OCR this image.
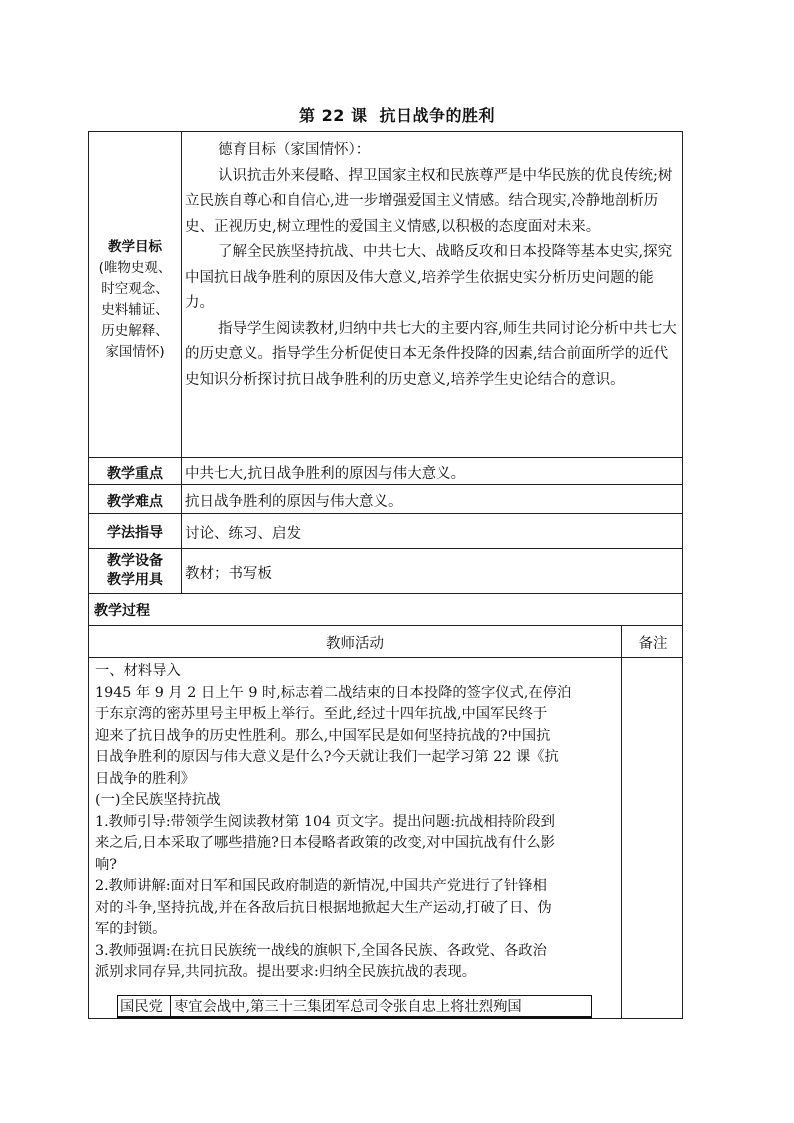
第 22 课 抗日战争的胜利
教学目标
(唯物史观、
时空观念、
史料辅证、
历史解释、
家国情怀)

德育目标（家国情怀）：

认识抗击外来侵略、捍卫国家主权和民族尊严是中华民族的优良传统;树立民族自尊心和自信心,进一步增强爱国主义情感。结合现实,冷静地剖析历史、正视历史,树立理性的爱国主义情感,以积极的态度面对未来。

了解全民族坚持抗战、中共七大、战略反攻和日本投降等基本史实,探究中国抗日战争胜利的原因及伟大意义,培养学生依据史实分析历史问题的能力。

指导学生阅读教材,归纳中共七大的主要内容,师生共同讨论分析中共七大的历史意义。指导学生分析促使日本无条件投降的因素,结合前面所学的近代史知识分析探讨抗日战争胜利的历史意义,培养学生史论结合的意识。

教学重点	中共七大,抗日战争胜利的原因与伟大意义。
教学难点	抗日战争胜利的原因与伟大意义。
学法指导	讨论、练习、启发
教学设备
教学用具	教材；书写板
教学过程
教师活动	备注

一、材料导入

1945 年 9 月 2 日上午 9 时,标志着二战结束的日本投降的签字仪式,在停泊

于东京湾的密苏里号主甲板上举行。至此,经过十四年抗战,中国军民终于

迎来了抗日战争的历史性胜利。那么,中国军民是如何坚持抗战的?中国抗

日战争胜利的原因与伟大意义是什么?今天就让我们一起学习第 22 课《抗

日战争的胜利》

(一)全民族坚持抗战

1.教师引导:带领学生阅读教材第 104 页文字。提出问题:抗战相持阶段到

来之后,日本采取了哪些措施?日本侵略者政策的改变,对中国抗战有什么影

响?

2.教师讲解:面对日军和国民政府制造的新情况,中国共产党进行了针锋相

对的斗争,坚持抗战,并在各敌后抗日根据地掀起大生产运动,打破了日、伪

军的封锁。

3.教师强调:在抗日民族统一战线的旗帜下,全国各民族、各政党、各政治

派别求同存异,共同抗敌。提出要求:归纳全民族抗战的表现。

国民党 枣宜会战中,第三十三集团军总司令张自忠上将壮烈殉国
